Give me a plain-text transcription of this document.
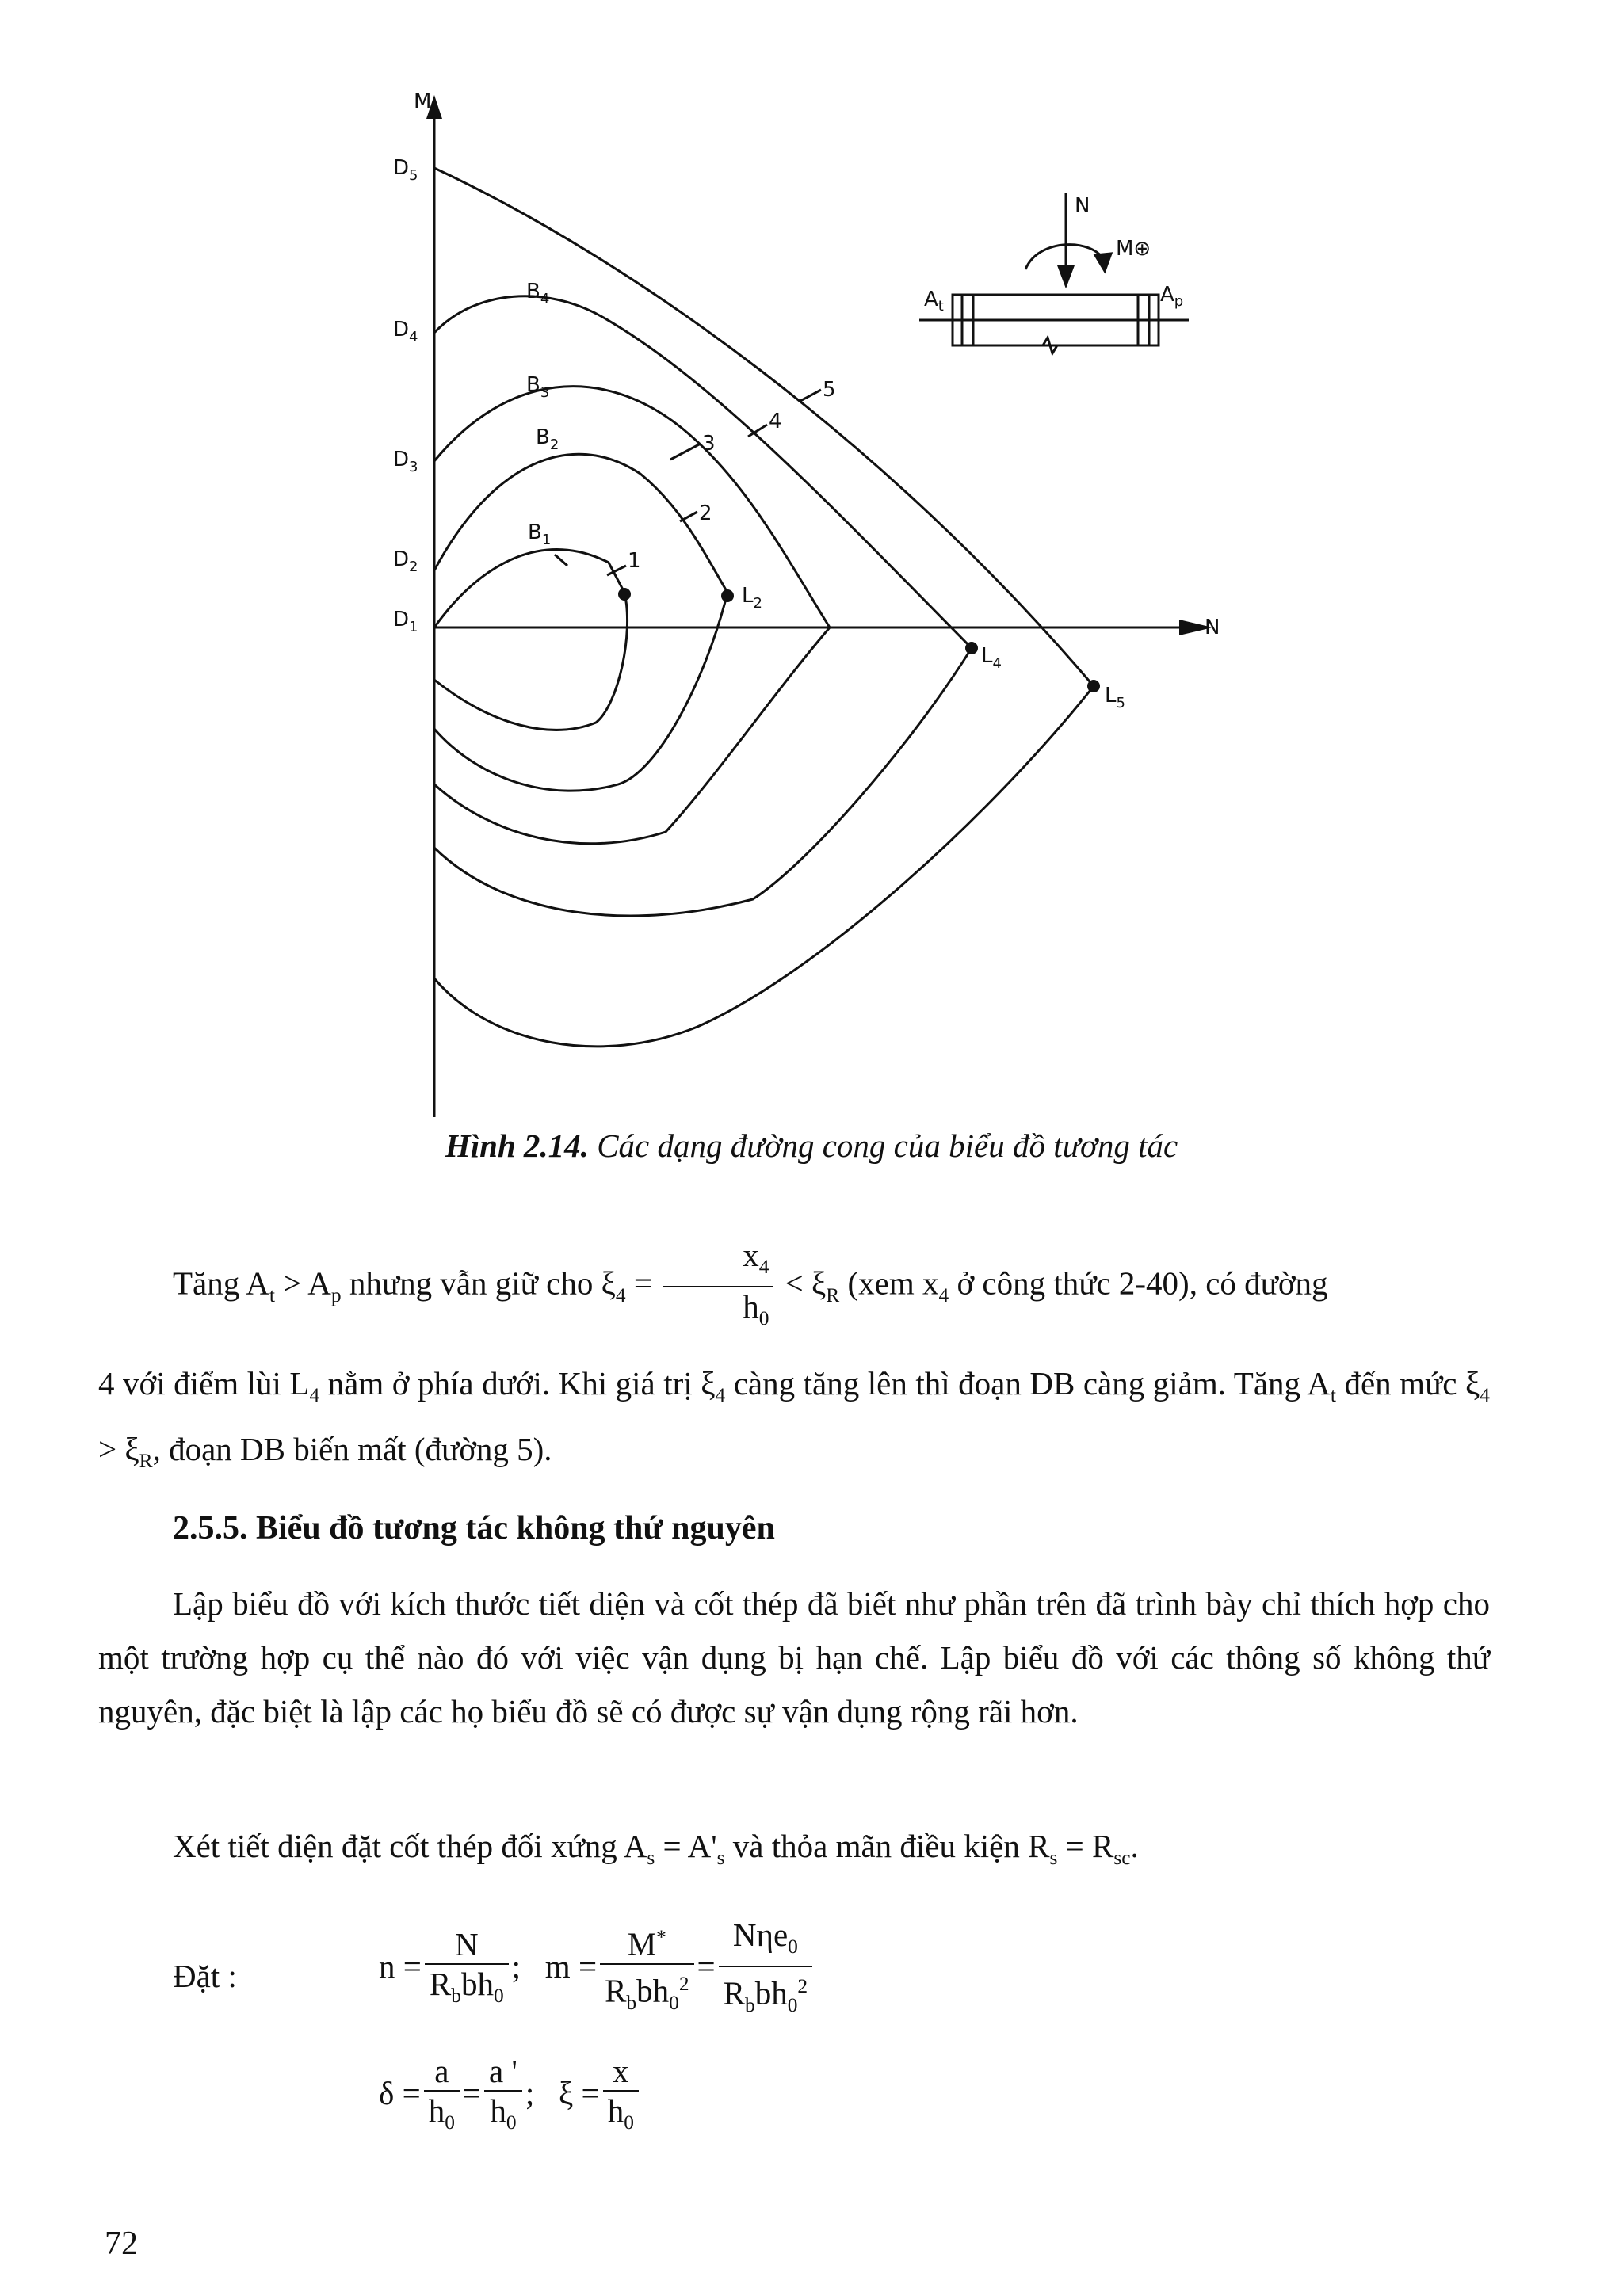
M
N
N
M⊕
$A_t$	$A_p$
$D_5$
$D_4$
$D_3$
$D_2$
$D_1$
$B_4$
$B_3$
$B_2$
$B_1$
$L_2$
$L_4$
$L_5$
1
2
3
4
5
Hình 2.14. Các dạng đường cong của biểu đồ tương tác
Tăng $A_t > A_p$ nhưng vẫn giữ cho $\xi_4 = \frac{x_4}{h_0} < \xi_R$ (xem $x_4$ ở công thức 2-40), có đường
4 với điểm lùi $L_4$ nằm ở phía dưới. Khi giá trị $\xi_4$ càng tăng lên thì đoạn DB càng giảm. Tăng $A_t$ đến mức $\xi_4 > \xi_R$, đoạn DB biến mất (đường 5).
2.5.5. Biểu đồ tương tác không thứ nguyên
Lập biểu đồ với kích thước tiết diện và cốt thép đã biết như phần trên đã trình bày chỉ thích hợp cho một trường hợp cụ thể nào đó với việc vận dụng bị hạn chế. Lập biểu đồ với các thông số không thứ nguyên, đặc biệt là lập các họ biểu đồ sẽ có được sự vận dụng rộng rãi hơn.
Xét tiết diện đặt cốt thép đối xứng $A_s = A'_s$ và thỏa mãn điều kiện $R_s = R_{sc}$.
Đặt :	$n = \frac{N}{R_bbh_0}$ ; $m = \frac{M^*}{R_bbh_0^2} = \frac{N\eta e_0}{R_bbh_0^2}$
$\delta = \frac{a}{h_0} = \frac{a '}{h_0}$ ; $\xi = \frac{x}{h_0}$
72
